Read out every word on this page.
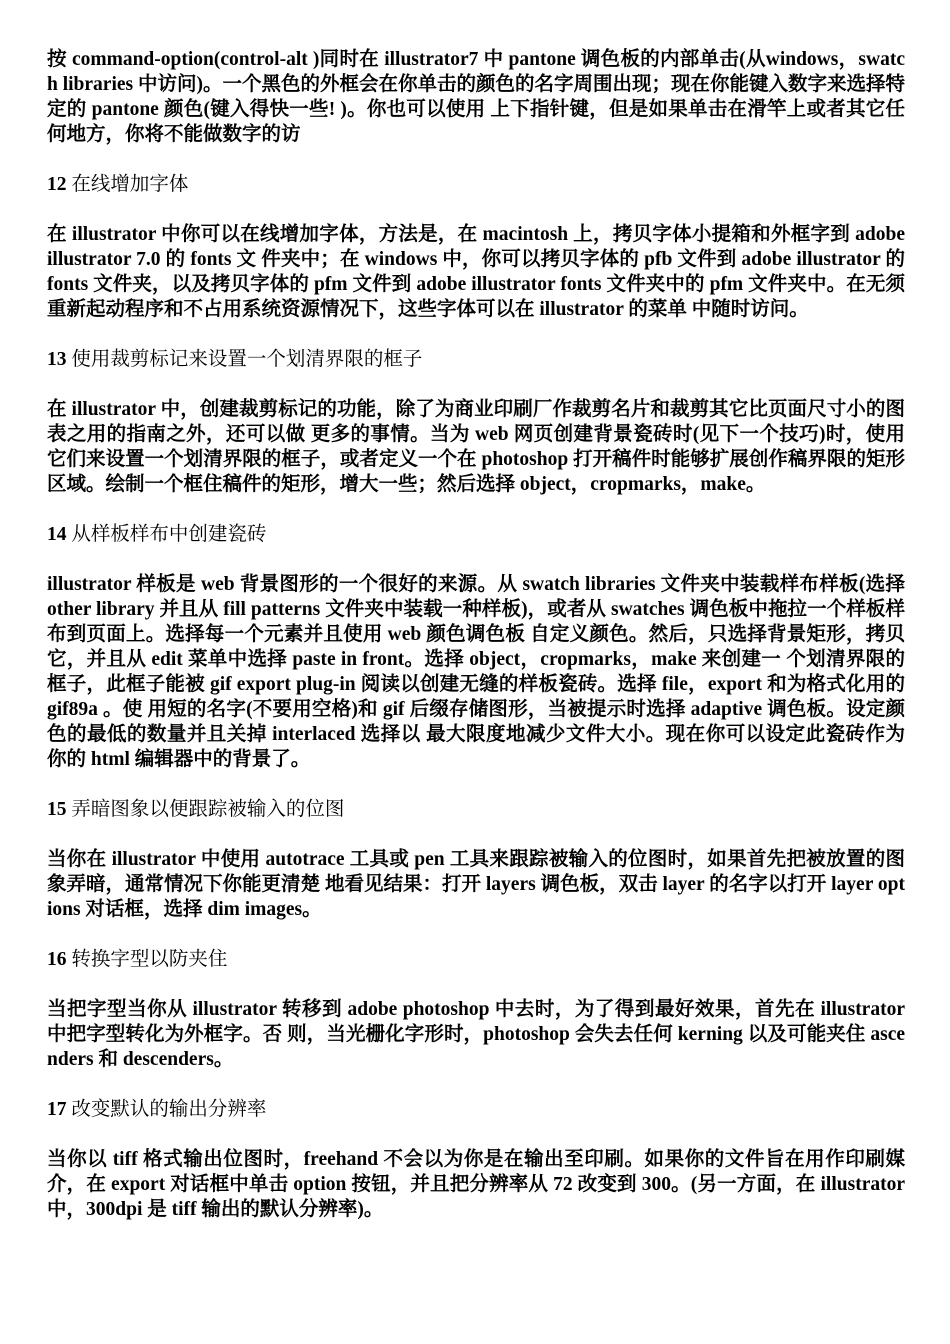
按 command-option(control-alt )同时在 illustrator7 中 pantone 调色板的内部单击(从windows，swatch libraries 中访问)。一个黑色的外框会在你单击的颜色的名字周围出现；现在你能键入数字来选择特定的 pantone 颜色(键入得快一些! )。你也可以使用 上下指针键，但是如果单击在滑竿上或者其它任何地方，你将不能做数字的访

12 在线增加字体

在 illustrator 中你可以在线增加字体，方法是，在 macintosh 上，拷贝字体小提箱和外框字到 adobe illustrator 7.0 的 fonts 文 件夹中；在 windows 中，你可以拷贝字体的 pfb 文件到 adobe illustrator 的 fonts 文件夹，以及拷贝字体的 pfm 文件到 adobe illustrator fonts 文件夹中的 pfm 文件夹中。在无须重新起动程序和不占用系统资源情况下，这些字体可以在 illustrator 的菜单 中随时访问。

13 使用裁剪标记来设置一个划清界限的框子

在 illustrator 中，创建裁剪标记的功能，除了为商业印刷厂作裁剪名片和裁剪其它比页面尺寸小的图表之用的指南之外，还可以做 更多的事情。当为 web 网页创建背景瓷砖时(见下一个技巧)时，使用它们来设置一个划清界限的框子，或者定义一个在 photoshop 打开稿件时能够扩展创作稿界限的矩形区域。绘制一个框住稿件的矩形，增大一些；然后选择 object，cropmarks，make。

14 从样板样布中创建瓷砖

illustrator 样板是 web 背景图形的一个很好的来源。从 swatch libraries 文件夹中装载样布样板(选择 other library 并且从 fill patterns 文件夹中装载一种样板)，或者从 swatches 调色板中拖拉一个样板样布到页面上。选择每一个元素并且使用 web 颜色调色板 自定义颜色。然后，只选择背景矩形，拷贝它，并且从 edit 菜单中选择 paste in front。选择 object，cropmarks，make 来创建一 个划清界限的框子，此框子能被 gif export plug-in 阅读以创建无缝的样板瓷砖。选择 file，export 和为格式化用的 gif89a 。使 用短的名字(不要用空格)和 gif 后缀存储图形，当被提示时选择 adaptive 调色板。设定颜色的最低的数量并且关掉 interlaced 选择以 最大限度地减少文件大小。现在你可以设定此瓷砖作为你的 html 编辑器中的背景了。

15 弄暗图象以便跟踪被输入的位图

当你在 illustrator 中使用 autotrace 工具或 pen 工具来跟踪被输入的位图时，如果首先把被放置的图象弄暗，通常情况下你能更清楚 地看见结果：打开 layers 调色板，双击 layer 的名字以打开 layer options 对话框，选择 dim images。

16 转换字型以防夹住

当把字型当你从 illustrator 转移到 adobe photoshop 中去时，为了得到最好效果，首先在 illustrator 中把字型转化为外框字。否 则，当光栅化字形时，photoshop 会失去任何 kerning 以及可能夹住 ascenders 和 descenders。

17 改变默认的输出分辨率

当你以 tiff 格式输出位图时，freehand 不会以为你是在输出至印刷。如果你的文件旨在用作印刷媒介，在 export 对话框中单击 option 按钮，并且把分辨率从 72 改变到 300。(另一方面，在 illustrator 中，300dpi 是 tiff 输出的默认分辨率)。
